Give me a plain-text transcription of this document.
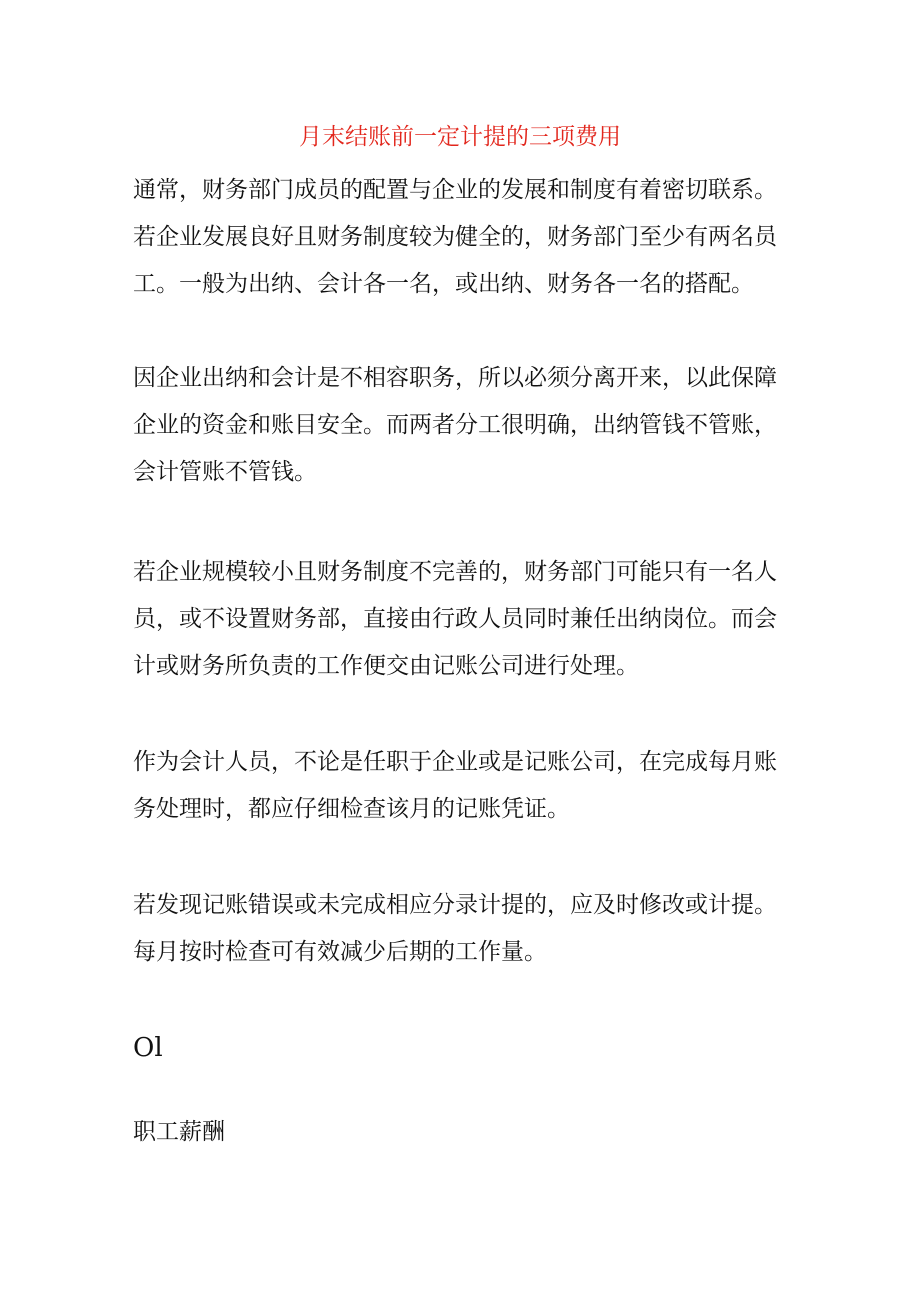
月末结账前一定计提的三项费用
通常，财务部门成员的配置与企业的发展和制度有着密切联系。
若企业发展良好且财务制度较为健全的，财务部门至少有两名员
工。一般为出纳、会计各一名，或出纳、财务各一名的搭配。
因企业出纳和会计是不相容职务，所以必须分离开来，以此保障
企业的资金和账目安全。而两者分工很明确，出纳管钱不管账，
会计管账不管钱。
若企业规模较小且财务制度不完善的，财务部门可能只有一名人
员，或不设置财务部，直接由行政人员同时兼任出纳岗位。而会
计或财务所负责的工作便交由记账公司进行处理。
作为会计人员，不论是任职于企业或是记账公司，在完成每月账
务处理时，都应仔细检查该月的记账凭证。
若发现记账错误或未完成相应分录计提的，应及时修改或计提。
每月按时检查可有效减少后期的工作量。
Ol
职工薪酬
